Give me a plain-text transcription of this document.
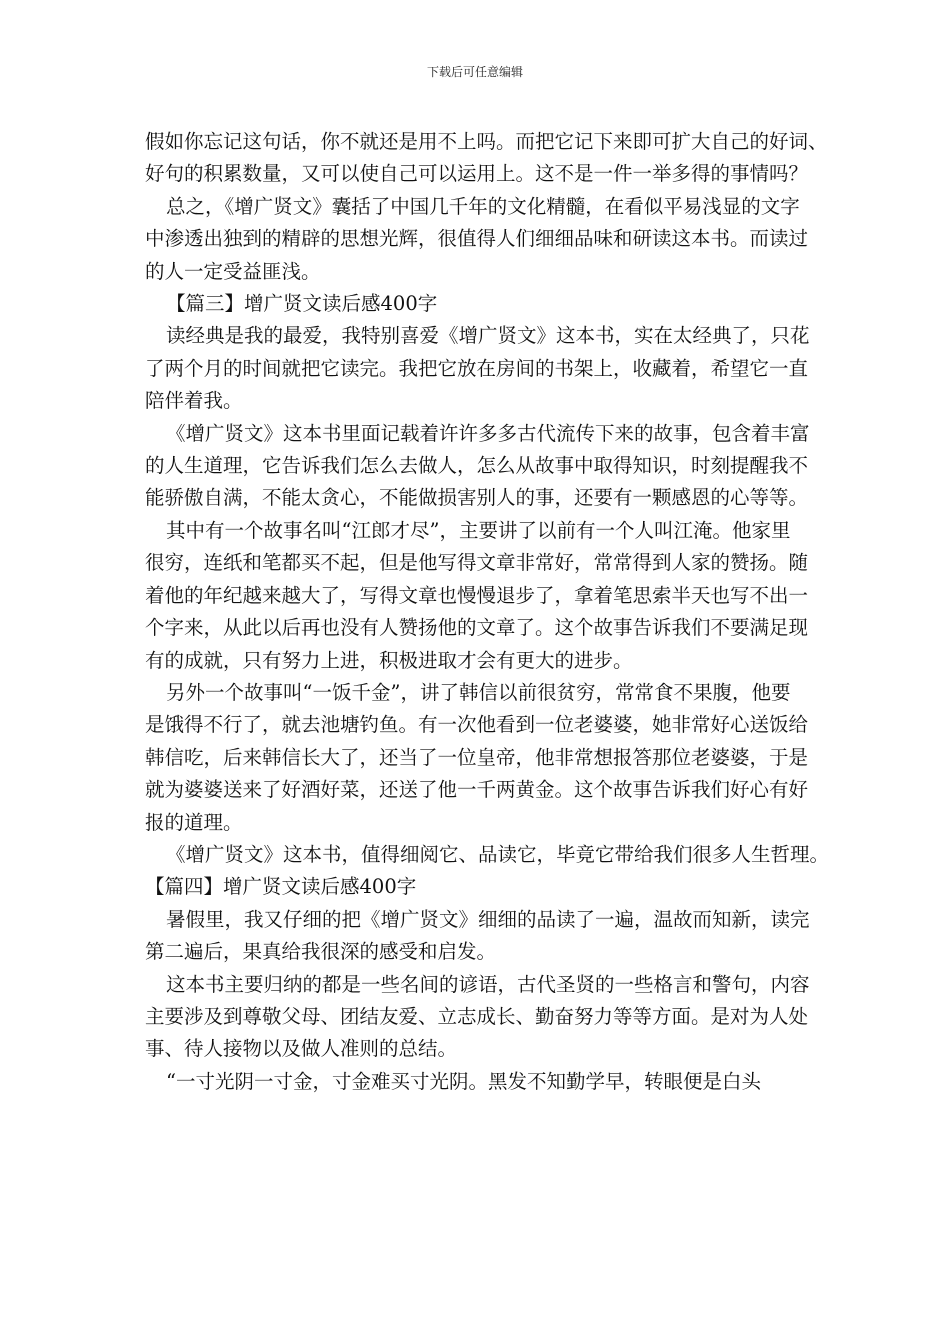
下载后可任意编辑
假如你忘记这句话，你不就还是用不上吗。而把它记下来即可扩大自己的好词、
好句的积累数量，又可以使自己可以运用上。这不是一件一举多得的事情吗？
总之，《增广贤文》囊括了中国几千年的文化精髓，在看似平易浅显的文字
中渗透出独到的精辟的思想光辉，很值得人们细细品味和研读这本书。而读过
的人一定受益匪浅。
【篇三】增广贤文读后感400字
读经典是我的最爱，我特别喜爱《增广贤文》这本书，实在太经典了，只花
了两个月的时间就把它读完。我把它放在房间的书架上，收藏着，希望它一直
陪伴着我。
《增广贤文》这本书里面记载着许许多多古代流传下来的故事，包含着丰富
的人生道理，它告诉我们怎么去做人，怎么从故事中取得知识，时刻提醒我不
能骄傲自满，不能太贪心，不能做损害别人的事，还要有一颗感恩的心等等。
其中有一个故事名叫“江郎才尽”，主要讲了以前有一个人叫江淹。他家里
很穷，连纸和笔都买不起，但是他写得文章非常好，常常得到人家的赞扬。随
着他的年纪越来越大了，写得文章也慢慢退步了，拿着笔思索半天也写不出一
个字来，从此以后再也没有人赞扬他的文章了。这个故事告诉我们不要满足现
有的成就，只有努力上进，积极进取才会有更大的进步。
另外一个故事叫“一饭千金”，讲了韩信以前很贫穷，常常食不果腹，他要
是饿得不行了，就去池塘钓鱼。有一次他看到一位老婆婆，她非常好心送饭给
韩信吃，后来韩信长大了，还当了一位皇帝，他非常想报答那位老婆婆，于是
就为婆婆送来了好酒好菜，还送了他一千两黄金。这个故事告诉我们好心有好
报的道理。
《增广贤文》这本书，值得细阅它、品读它，毕竟它带给我们很多人生哲理。
【篇四】增广贤文读后感400字
暑假里，我又仔细的把《增广贤文》细细的品读了一遍，温故而知新，读完
第二遍后，果真给我很深的感受和启发。
这本书主要归纳的都是一些名间的谚语，古代圣贤的一些格言和警句，内容
主要涉及到尊敬父母、团结友爱、立志成长、勤奋努力等等方面。是对为人处
事、待人接物以及做人准则的总结。
“一寸光阴一寸金，寸金难买寸光阴。黑发不知勤学早，转眼便是白头
